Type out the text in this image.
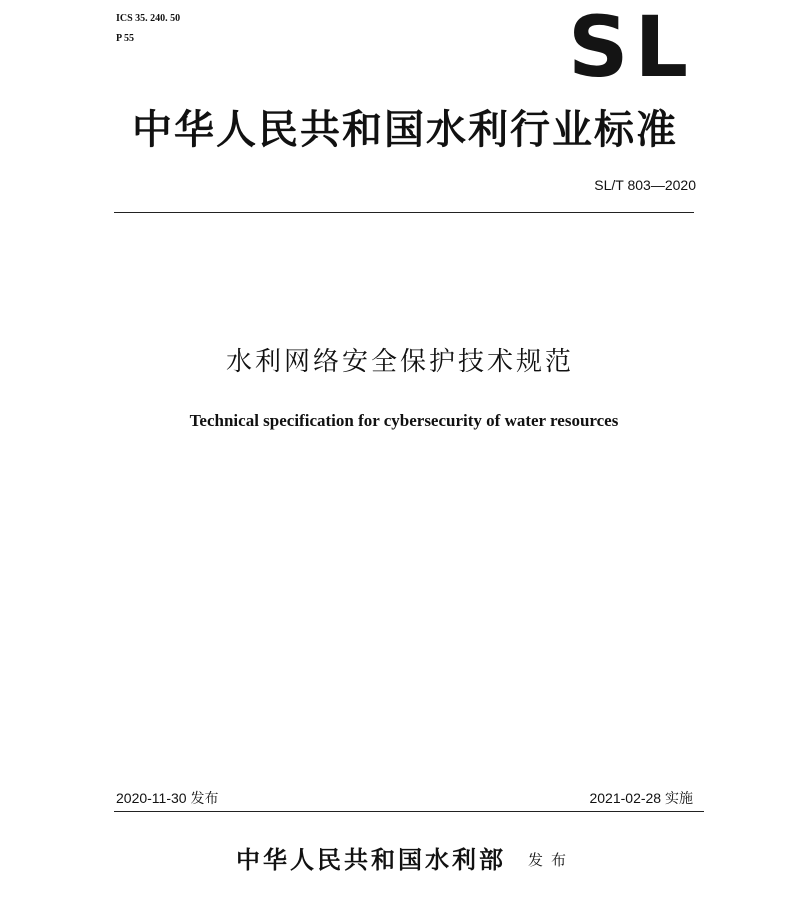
ICS 35. 240. 50
P 55	SL
中华人民共和国水利行业标准
SL/T 803—2020
水利网络安全保护技术规范
Technical specification for cybersecurity of water resources
2020-11-30 发布	2021-02-28 实施
中华人民共和国水利部 发布
